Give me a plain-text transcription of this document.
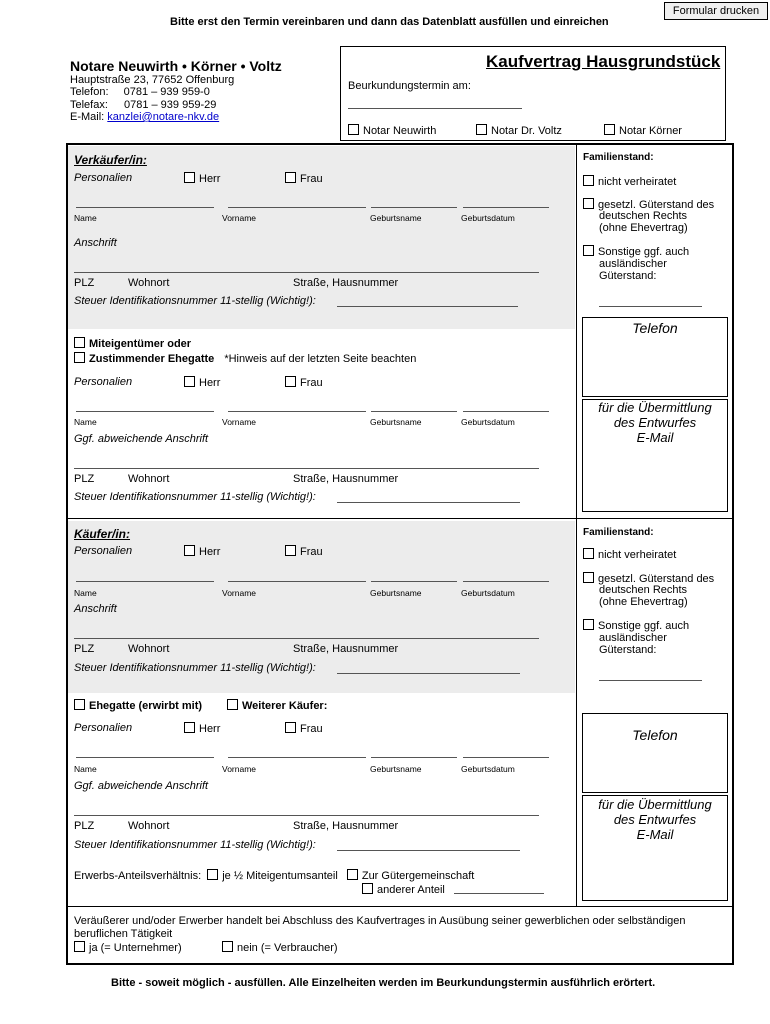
Formular drucken
Bitte erst den Termin vereinbaren und dann das Datenblatt ausfüllen und einreichen
Notare Neuwirth • Körner • Voltz
Hauptstraße 23, 77652 Offenburg
Telefon: 0781 – 939 959-0
Telefax: 0781 – 939 959-29
E-Mail: kanzlei@notare-nkv.de
Kaufvertrag Hausgrundstück
Beurkundungstermin am:
Notar Neuwirth	Notar Dr. Voltz	Notar Körner
Verkäufer/in:
Personalien	Herr	Frau
Name	Vorname	Geburtsname	Geburtsdatum
Anschrift
PLZ	Wohnort	Straße, Hausnummer
Steuer Identifikationsnummer 11-stellig (Wichtig!):
Miteigentümer oder
Zustimmender Ehegatte *Hinweis auf der letzten Seite beachten
Personalien	Herr	Frau
Name	Vorname	Geburtsname	Geburtsdatum
Ggf. abweichende Anschrift
PLZ	Wohnort	Straße, Hausnummer
Steuer Identifikationsnummer 11-stellig (Wichtig!):
Familienstand:
nicht verheiratet
gesetzl. Güterstand des
deutschen Rechts
(ohne Ehevertrag)
Sonstige ggf. auch
ausländischer
Güterstand:
Telefon
für die Übermittlung
des Entwurfes
E-Mail
Käufer/in:
Personalien	Herr	Frau
Name	Vorname	Geburtsname	Geburtsdatum
Anschrift
PLZ	Wohnort	Straße, Hausnummer
Steuer Identifikationsnummer 11-stellig (Wichtig!):
Ehegatte (erwirbt mit)	Weiterer Käufer:
Personalien	Herr	Frau
Name	Vorname	Geburtsname	Geburtsdatum
Ggf. abweichende Anschrift
PLZ	Wohnort	Straße, Hausnummer
Steuer Identifikationsnummer 11-stellig (Wichtig!):
Erwerbs-Anteilsverhältnis: je ½ Miteigentumsanteil Zur Gütergemeinschaft
anderer Anteil
Familienstand:
nicht verheiratet
gesetzl. Güterstand des
deutschen Rechts
(ohne Ehevertrag)
Sonstige ggf. auch
ausländischer
Güterstand:
Telefon
für die Übermittlung
des Entwurfes
E-Mail
Veräußerer und/oder Erwerber handelt bei Abschluss des Kaufvertrages in Ausübung seiner gewerblichen oder selbständigen beruflichen Tätigkeit
ja (= Unternehmer)	nein (= Verbraucher)
Bitte - soweit möglich - ausfüllen. Alle Einzelheiten werden im Beurkundungstermin ausführlich erörtert.
